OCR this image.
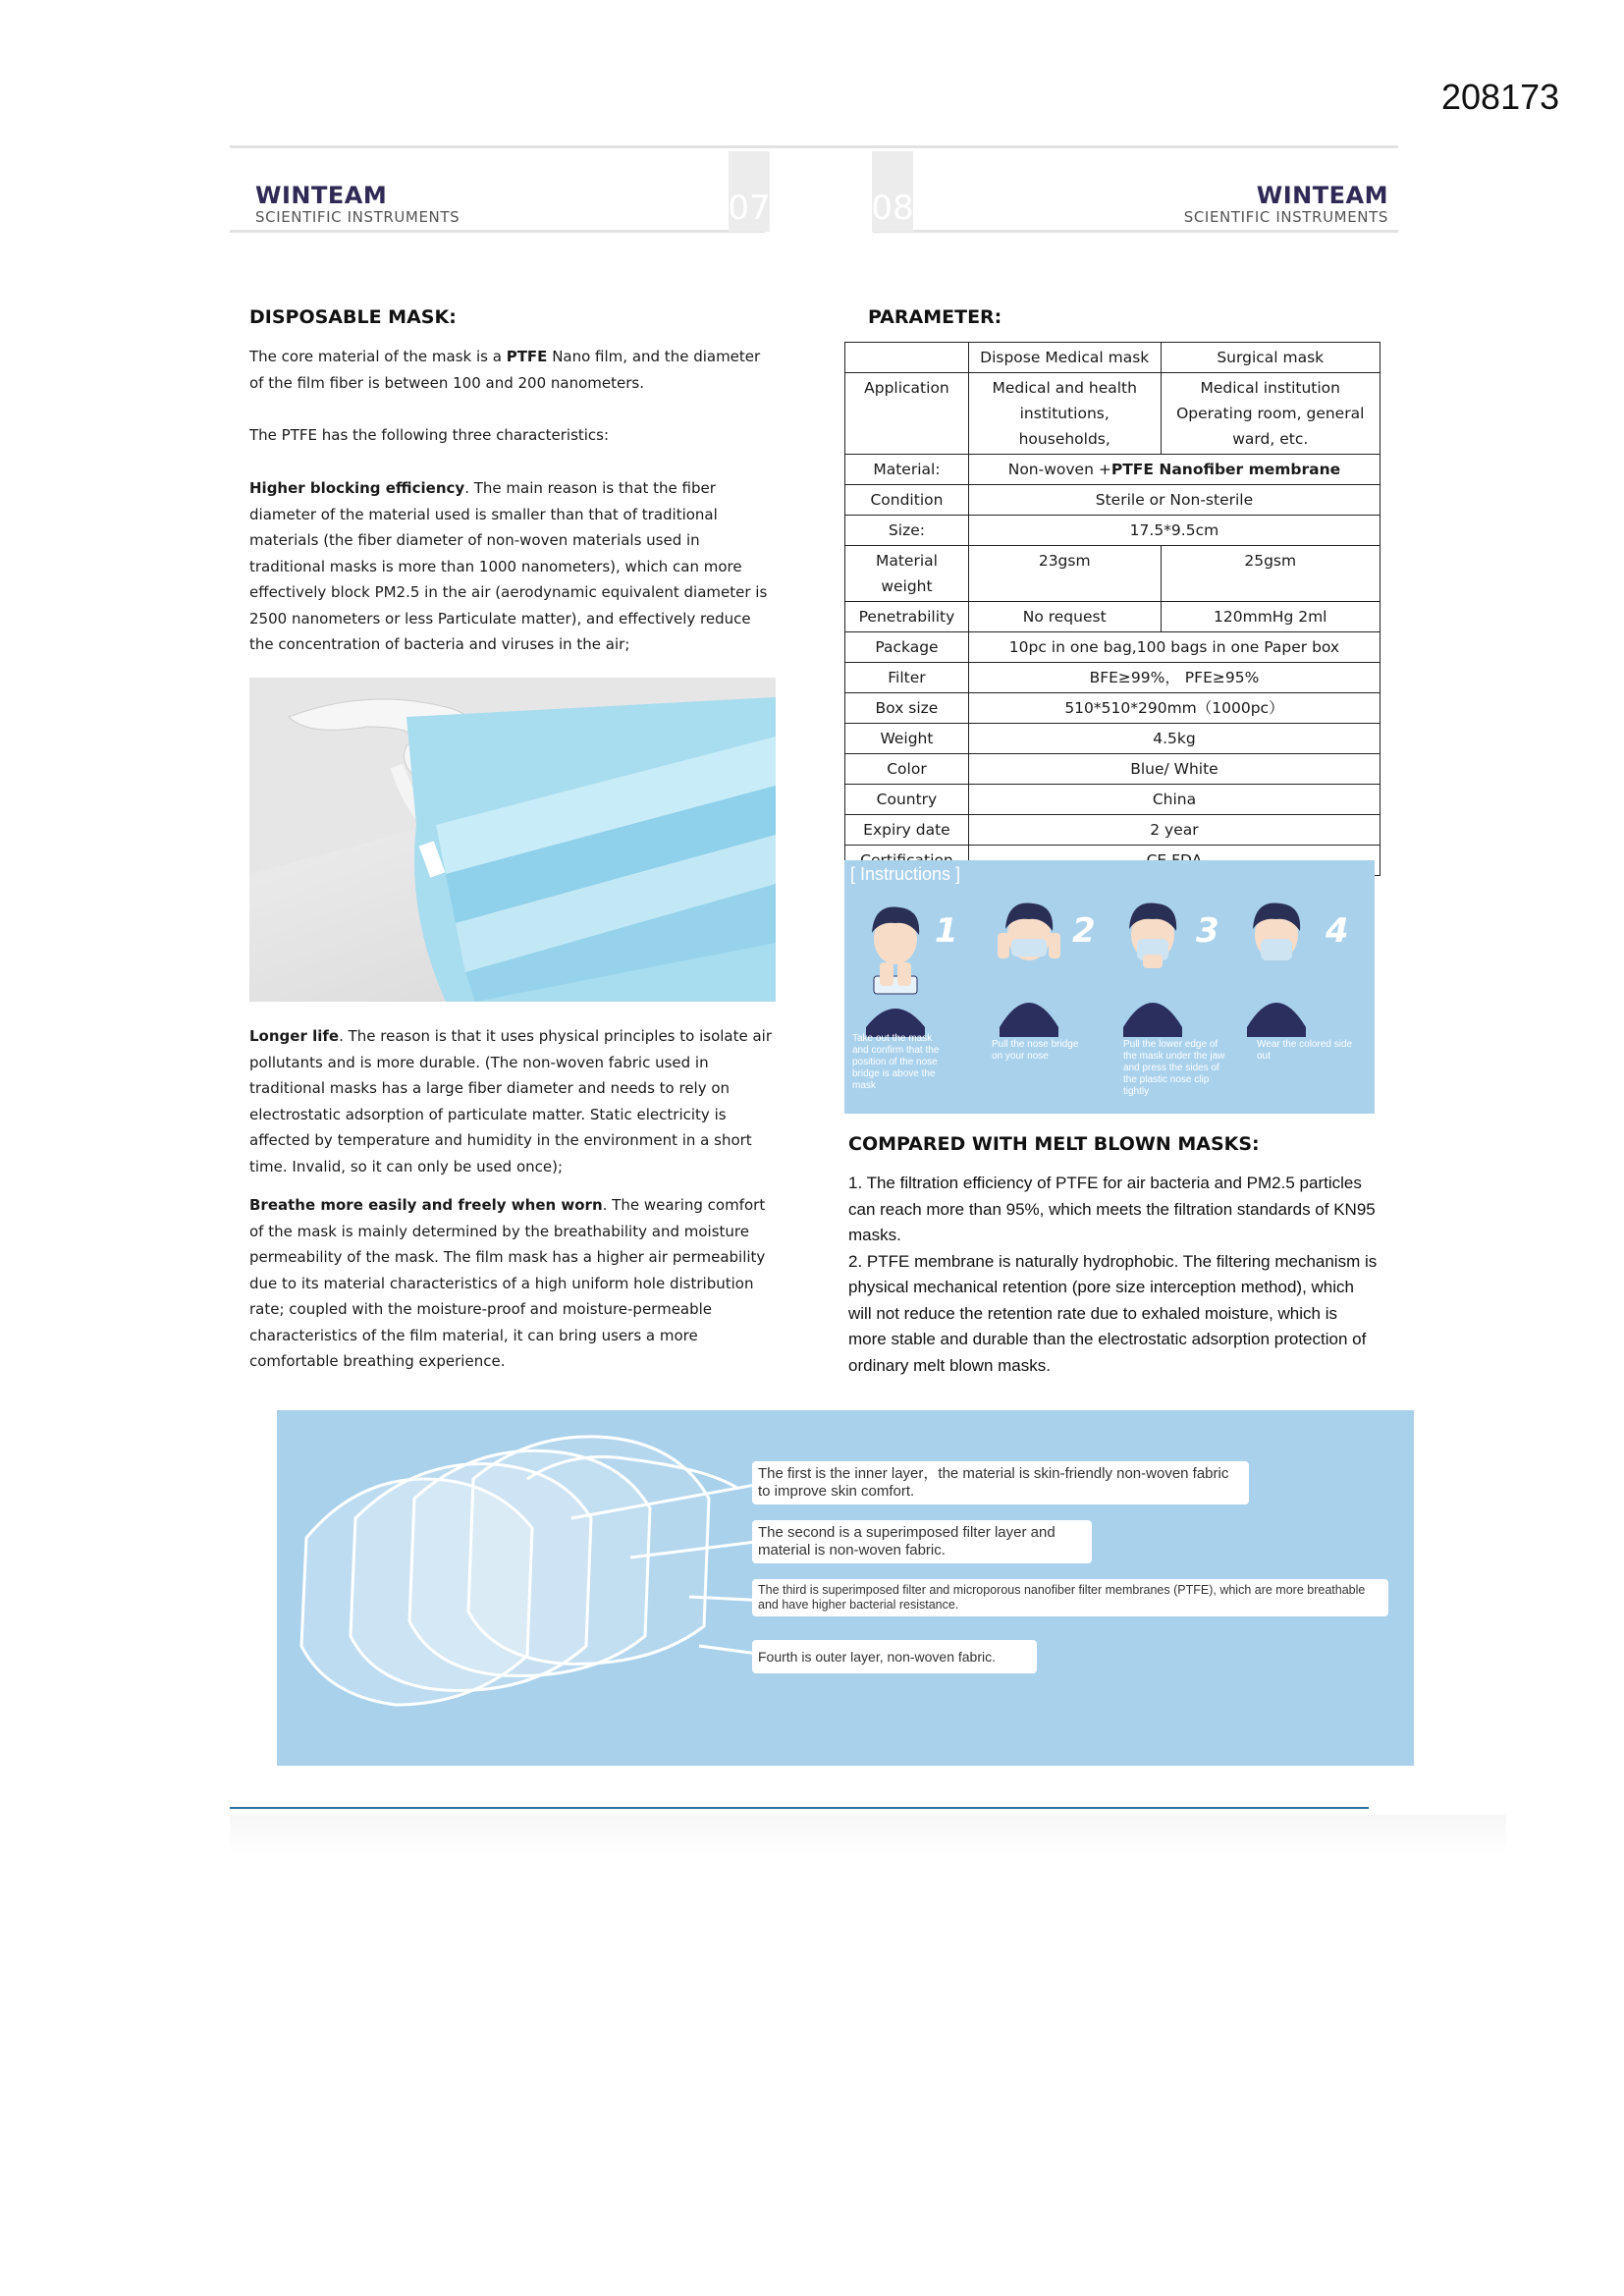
208173
WINTEAM
SCIENTIFIC INSTRUMENTS	07	08	WINTEAM
SCIENTIFIC INSTRUMENTS
DISPOSABLE MASK:
The core material of the mask is a PTFE Nano film, and the diameter of the film fiber is between 100 and 200 nanometers.
The PTFE has the following three characteristics:
Higher blocking efficiency. The main reason is that the fiber diameter of the material used is smaller than that of traditional materials (the fiber diameter of non-woven materials used in traditional masks is more than 1000 nanometers), which can more effectively block PM2.5 in the air (aerodynamic equivalent diameter is 2500 nanometers or less Particulate matter), and effectively reduce the concentration of bacteria and viruses in the air;
Longer life. The reason is that it uses physical principles to isolate air pollutants and is more durable. (The non-woven fabric used in traditional masks has a large fiber diameter and needs to rely on electrostatic adsorption of particulate matter. Static electricity is affected by temperature and humidity in the environment in a short time. Invalid, so it can only be used once);
Breathe more easily and freely when worn. The wearing comfort of the mask is mainly determined by the breathability and moisture permeability of the mask. The film mask has a higher air permeability due to its material characteristics of a high uniform hole distribution rate; coupled with the moisture-proof and moisture-permeable characteristics of the film material, it can bring users a more comfortable breathing experience.
PARAMETER:
	Dispose Medical mask	Surgical mask
Application	Medical and health institutions, households,	Medical institution Operating room, general ward, etc.
Material:	Non-woven +PTFE Nanofiber membrane	
Condition	Sterile or Non-sterile	
Size:	17.5*9.5cm	
Material weight	23gsm	25gsm
Penetrability	No request	120mmHg 2ml
Package	10pc in one bag,100 bags in one Paper box	
Filter	BFE≥99%， PFE≥95%	
Box size	510*510*290mm（1000pc）	
Weight	4.5kg	
Color	Blue/ White	
Country	China	
Expiry date	2 year	

[ Instructions ]
1	2	3	4
Take out the mask and confirm that the position of the nose bridge is above the mask
Pull the nose bridge on your nose
Pull the lower edge of the mask under the jaw and press the sides of the plastic nose clip tightly
Wear the colored side out
COMPARED WITH MELT BLOWN MASKS:
1. The filtration efficiency of PTFE for air bacteria and PM2.5 particles can reach more than 95%, which meets the filtration standards of KN95 masks.
2. PTFE membrane is naturally hydrophobic. The filtering mechanism is physical mechanical retention (pore size interception method), which will not reduce the retention rate due to exhaled moisture, which is more stable and durable than the electrostatic adsorption protection of ordinary melt blown masks.
The first is the inner layer，the material is skin-friendly non-woven fabric to improve skin comfort.
The second is a superimposed filter layer and material is non-woven fabric.
The third is superimposed filter and microporous nanofiber filter membranes (PTFE), which are more breathable and have higher bacterial resistance.
Fourth is outer layer, non-woven fabric.
